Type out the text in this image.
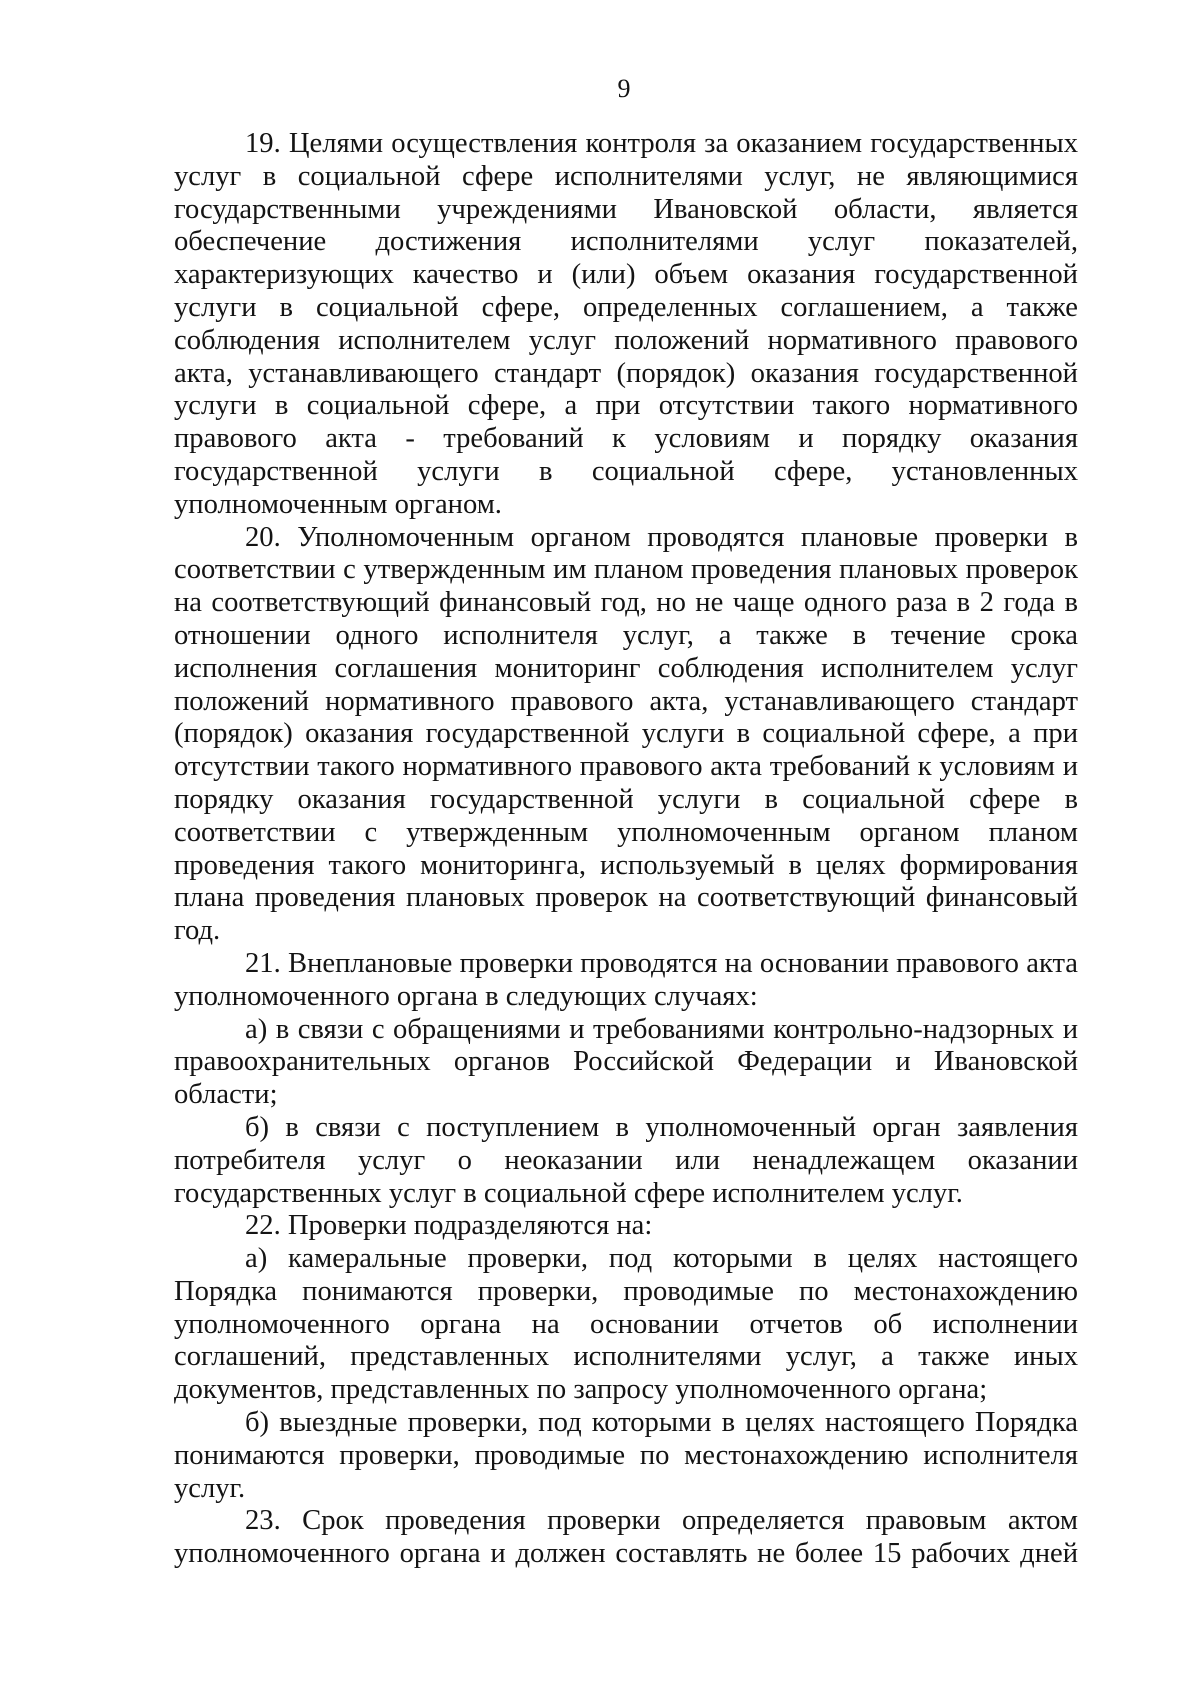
9

19. Целями осуществления контроля за оказанием государственных услуг в социальной сфере исполнителями услуг, не являющимися государственными учреждениями Ивановской области, является обеспечение достижения исполнителями услуг показателей, характеризующих качество и (или) объем оказания государственной услуги в социальной сфере, определенных соглашением, а также соблюдения исполнителем услуг положений нормативного правового акта, устанавливающего стандарт (порядок) оказания государственной услуги в социальной сфере, а при отсутствии такого нормативного правового акта - требований к условиям и порядку оказания государственной услуги в социальной сфере, установленных уполномоченным органом.

20. Уполномоченным органом проводятся плановые проверки в соответствии с утвержденным им планом проведения плановых проверок на соответствующий финансовый год, но не чаще одного раза в 2 года в отношении одного исполнителя услуг, а также в течение срока исполнения соглашения мониторинг соблюдения исполнителем услуг положений нормативного правового акта, устанавливающего стандарт (порядок) оказания государственной услуги в социальной сфере, а при отсутствии такого нормативного правового акта требований к условиям и порядку оказания государственной услуги в социальной сфере в соответствии с утвержденным уполномоченным органом планом проведения такого мониторинга, используемый в целях формирования плана проведения плановых проверок на соответствующий финансовый год.

21. Внеплановые проверки проводятся на основании правового акта уполномоченного органа в следующих случаях:

а) в связи с обращениями и требованиями контрольно-надзорных и правоохранительных органов Российской Федерации и Ивановской области;

б) в связи с поступлением в уполномоченный орган заявления потребителя услуг о неоказании или ненадлежащем оказании государственных услуг в социальной сфере исполнителем услуг.

22. Проверки подразделяются на:

а) камеральные проверки, под которыми в целях настоящего Порядка понимаются проверки, проводимые по местонахождению уполномоченного органа на основании отчетов об исполнении соглашений, представленных исполнителями услуг, а также иных документов, представленных по запросу уполномоченного органа;

б) выездные проверки, под которыми в целях настоящего Порядка понимаются проверки, проводимые по местонахождению исполнителя услуг.

23. Срок проведения проверки определяется правовым актом уполномоченного органа и должен составлять не более 15 рабочих дней
